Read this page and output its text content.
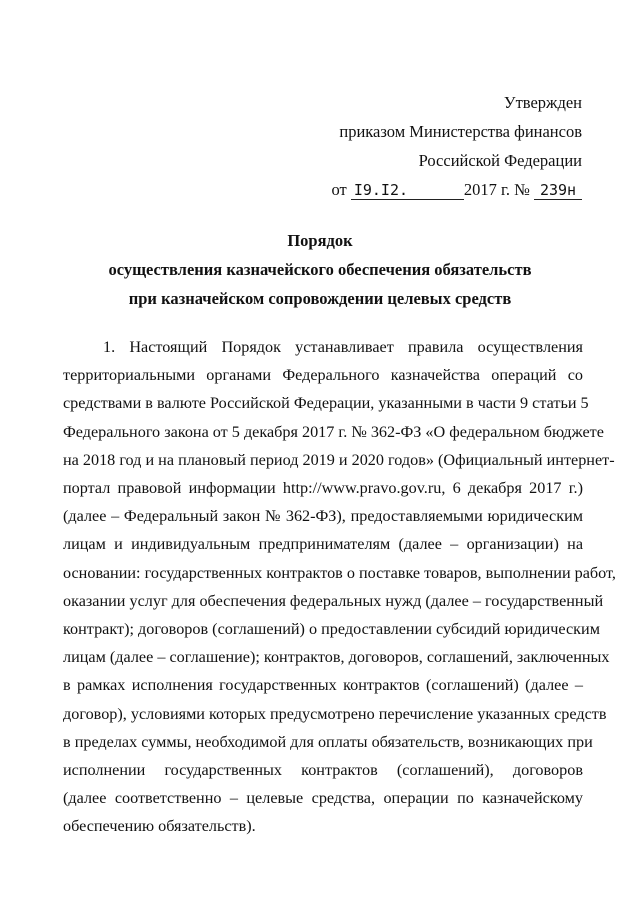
Утвержден
приказом Министерства финансов
Российской Федерации
от I9.I2.	2017 г. № 239н
Порядок
осуществления казначейского обеспечения обязательств
при казначейском сопровождении целевых средств
1. Настоящий Порядок устанавливает правила осуществления
территориальными органами Федерального казначейства операций со
средствами в валюте Российской Федерации, указанными в части 9 статьи 5
Федерального закона от 5 декабря 2017 г. № 362-ФЗ «О федеральном бюджете
на 2018 год и на плановый период 2019 и 2020 годов» (Официальный интернет-
портал правовой информации http://www.pravo.gov.ru, 6 декабря 2017 г.)
(далее – Федеральный закон № 362-ФЗ), предоставляемыми юридическим
лицам и индивидуальным предпринимателям (далее – организации) на
основании: государственных контрактов о поставке товаров, выполнении работ,
оказании услуг для обеспечения федеральных нужд (далее – государственный
контракт); договоров (соглашений) о предоставлении субсидий юридическим
лицам (далее – соглашение); контрактов, договоров, соглашений, заключенных
в рамках исполнения государственных контрактов (соглашений) (далее –
договор), условиями которых предусмотрено перечисление указанных средств
в пределах суммы, необходимой для оплаты обязательств, возникающих при
исполнении государственных контрактов (соглашений), договоров
(далее соответственно – целевые средства, операции по казначейскому
обеспечению обязательств).
